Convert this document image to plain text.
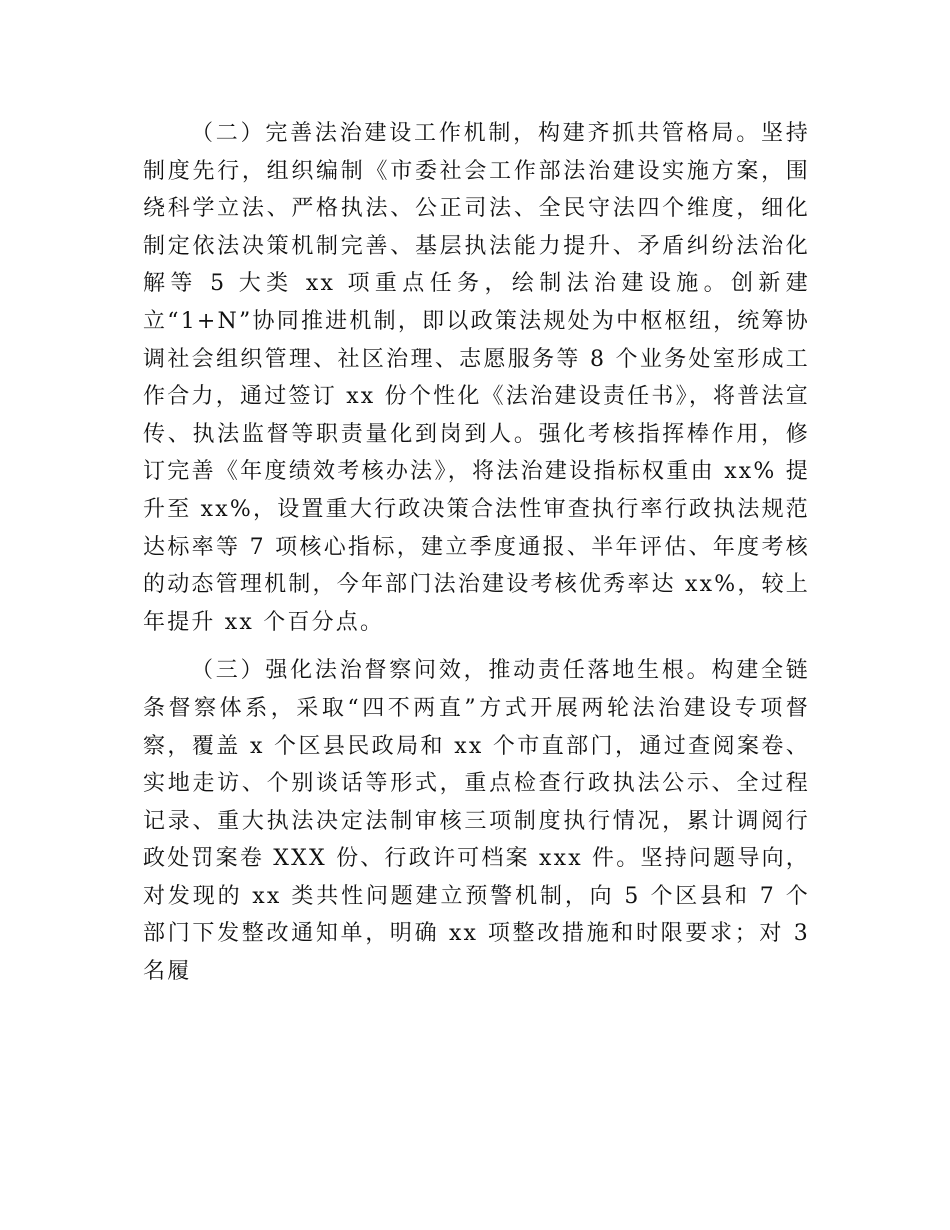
（二）完善法治建设工作机制，构建齐抓共管格局。坚持制度先行，组织编制《市委社会工作部法治建设实施方案，围绕科学立法、严格执法、公正司法、全民守法四个维度，细化制定依法决策机制完善、基层执法能力提升、矛盾纠纷法治化解等 5 大类 xx 项重点任务，绘制法治建设施。创新建立“1+N”协同推进机制，即以政策法规处为中枢枢纽，统筹协调社会组织管理、社区治理、志愿服务等 8 个业务处室形成工作合力，通过签订 xx 份个性化《法治建设责任书》，将普法宣传、执法监督等职责量化到岗到人。强化考核指挥棒作用，修订完善《年度绩效考核办法》，将法治建设指标权重由 xx% 提升至 xx%，设置重大行政决策合法性审查执行率行政执法规范达标率等 7 项核心指标，建立季度通报、半年评估、年度考核的动态管理机制，今年部门法治建设考核优秀率达 xx%，较上年提升 xx 个百分点。

（三）强化法治督察问效，推动责任落地生根。构建全链条督察体系，采取“四不两直”方式开展两轮法治建设专项督察，覆盖 x 个区县民政局和 xx 个市直部门，通过查阅案卷、实地走访、个别谈话等形式，重点检查行政执法公示、全过程记录、重大执法决定法制审核三项制度执行情况，累计调阅行政处罚案卷 XXX 份、行政许可档案 xxx 件。坚持问题导向，对发现的 xx 类共性问题建立预警机制，向 5 个区县和 7 个部门下发整改通知单，明确 xx 项整改措施和时限要求；对 3 名履
